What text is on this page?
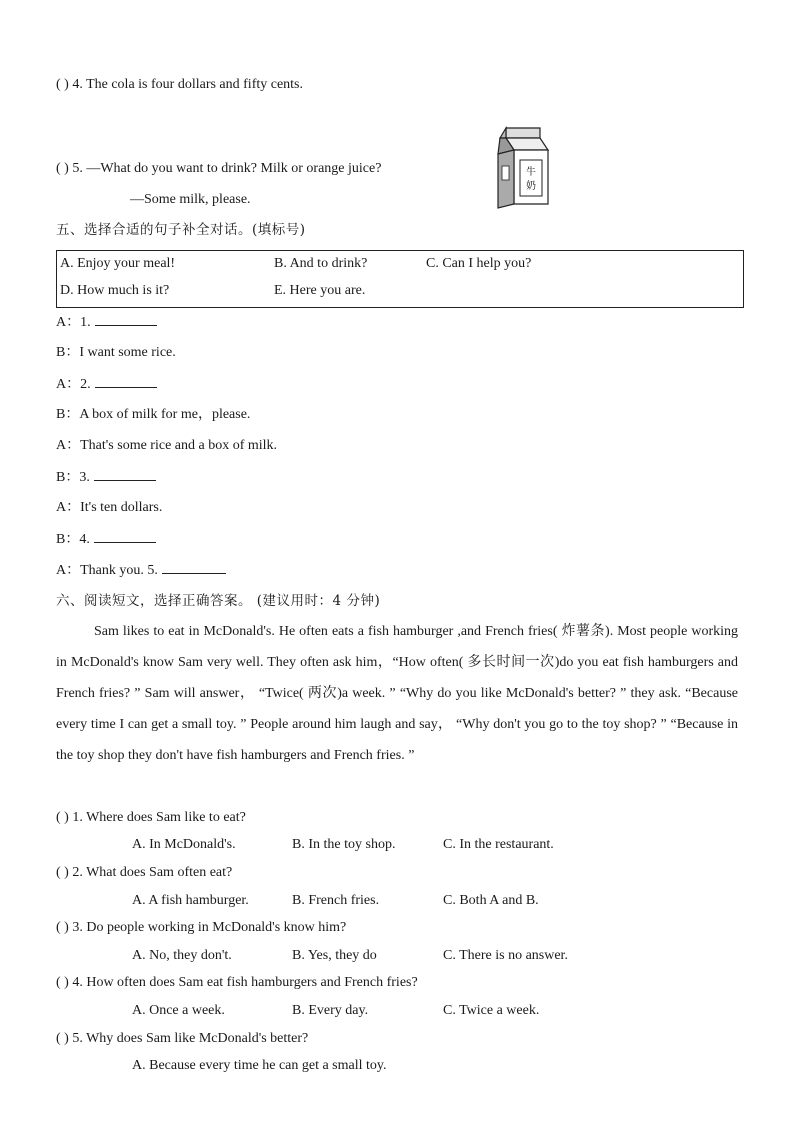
( ) 4. The cola is four dollars and fifty cents.
( ) 5. —What do you want to drink? Milk or orange juice?
—Some milk, please.
牛
奶
五、选择合适的句子补全对话。(填标号)
A. Enjoy your meal!	B. And to drink?	C. Can I help you?
D. How much is it?	E. Here you are.
A：1.
B：I want some rice.
A：2.
B：A box of milk for me，please.
A：That's some rice and a box of milk.
B：3.
A：It's ten dollars.
B：4.
A：Thank you. 5.
六、阅读短文，选择正确答案。 (建议用时：4 分钟)

Sam likes to eat in McDonald's. He often eats a fish hamburger ,and French fries( 炸薯条). Most people working in McDonald's know Sam very well. They often ask him，“How often( 多长时间一次)do you eat fish hamburgers and French fries? ” Sam will answer， “Twice( 两次)a week. ” “Why do you like McDonald's better? ” they ask. “Because every time I can get a small toy. ” People around him laugh and say， “Why don't you go to the toy shop? ” “Because in the toy shop they don't have fish hamburgers and French fries. ”

( ) 1. Where does Sam like to eat?
A. In McDonald's.	B. In the toy shop.	C. In the restaurant.
( ) 2. What does Sam often eat?
A. A fish hamburger.	B. French fries.	C. Both A and B.
( ) 3. Do people working in McDonald's know him?
A. No, they don't.	B. Yes, they do	C. There is no answer.
( ) 4. How often does Sam eat fish hamburgers and French fries?
A. Once a week.	B. Every day.	C. Twice a week.
( ) 5. Why does Sam like McDonald's better?
A. Because every time he can get a small toy.
